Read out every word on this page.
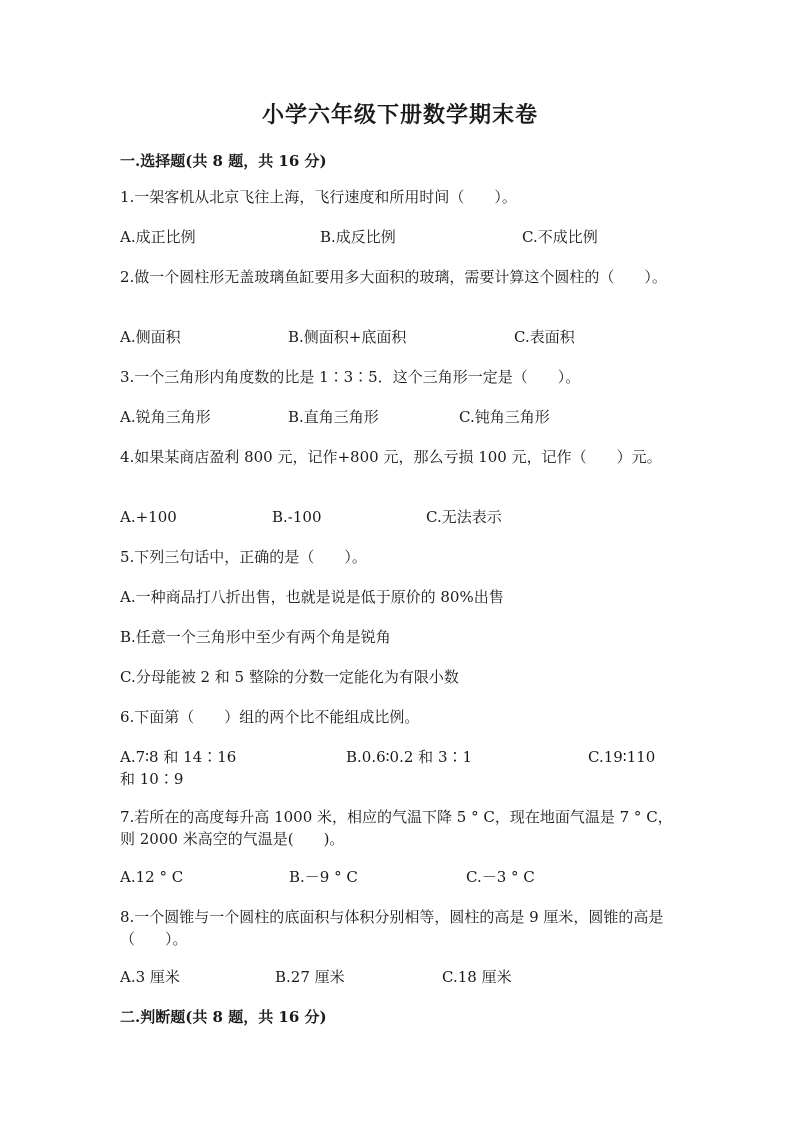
小学六年级下册数学期末卷
一.选择题(共 8 题，共 16 分)
1.一架客机从北京飞往上海，飞行速度和所用时间（　　）。
A.成正比例	B.成反比例	C.不成比例
2.做一个圆柱形无盖玻璃鱼缸要用多大面积的玻璃，需要计算这个圆柱的（　　）。
A.侧面积	B.侧面积+底面积	C.表面积
3.一个三角形内角度数的比是 1∶3∶5．这个三角形一定是（　　）。
A.锐角三角形	B.直角三角形	C.钝角三角形
4.如果某商店盈利 800 元，记作+800 元，那么亏损 100 元，记作（　　）元。
A.+100	B.-100	C.无法表示
5.下列三句话中，正确的是（　　）。
A.一种商品打八折出售，也就是说是低于原价的 80%出售
B.任意一个三角形中至少有两个角是锐角
C.分母能被 2 和 5 整除的分数一定能化为有限小数
6.下面第（　　）组的两个比不能组成比例。
A.7∶8 和 14∶16	B.0.6∶0.2 和 3∶1	C.19∶110
和 10∶9
7.若所在的高度每升高 1000 米，相应的气温下降 5 ° C，现在地面气温是 7 ° C，则 2000 米高空的气温是(　　)。
A.12 ° C	B.－9 ° C	C.－3 ° C
8.一个圆锥与一个圆柱的底面积与体积分别相等，圆柱的高是 9 厘米，圆锥的高是（　　）。
A.3 厘米	B.27 厘米	C.18 厘米
二.判断题(共 8 题，共 16 分)
